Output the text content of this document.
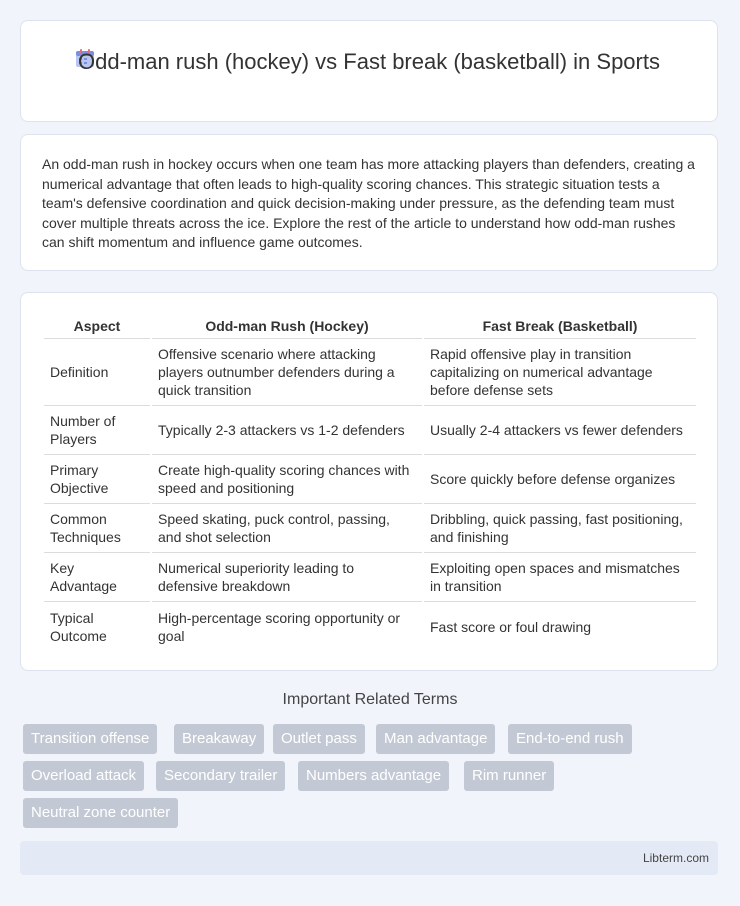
Odd-man rush (hockey) vs Fast break (basketball) in Sports
An odd-man rush in hockey occurs when one team has more attacking players than defenders, creating a numerical advantage that often leads to high-quality scoring chances. This strategic situation tests a team's defensive coordination and quick decision-making under pressure, as the defending team must cover multiple threats across the ice. Explore the rest of the article to understand how odd-man rushes can shift momentum and influence game outcomes.
Aspect	Odd-man Rush (Hockey)	Fast Break (Basketball)
Definition	Offensive scenario where attacking players outnumber defenders during a quick transition	Rapid offensive play in transition capitalizing on numerical advantage before defense sets
Number of Players	Typically 2-3 attackers vs 1-2 defenders	Usually 2-4 attackers vs fewer defenders
Primary Objective	Create high-quality scoring chances with speed and positioning	Score quickly before defense organizes
Common Techniques	Speed skating, puck control, passing, and shot selection	Dribbling, quick passing, fast positioning, and finishing
Key Advantage	Numerical superiority leading to defensive breakdown	Exploiting open spaces and mismatches in transition
Typical Outcome	High-percentage scoring opportunity or goal	Fast score or foul drawing
Important Related Terms
Transition offense	Breakaway	Outlet pass	Man advantage	End-to-end rush
Overload attack	Secondary trailer	Numbers advantage	Rim runner
Neutral zone counter
Libterm.com
